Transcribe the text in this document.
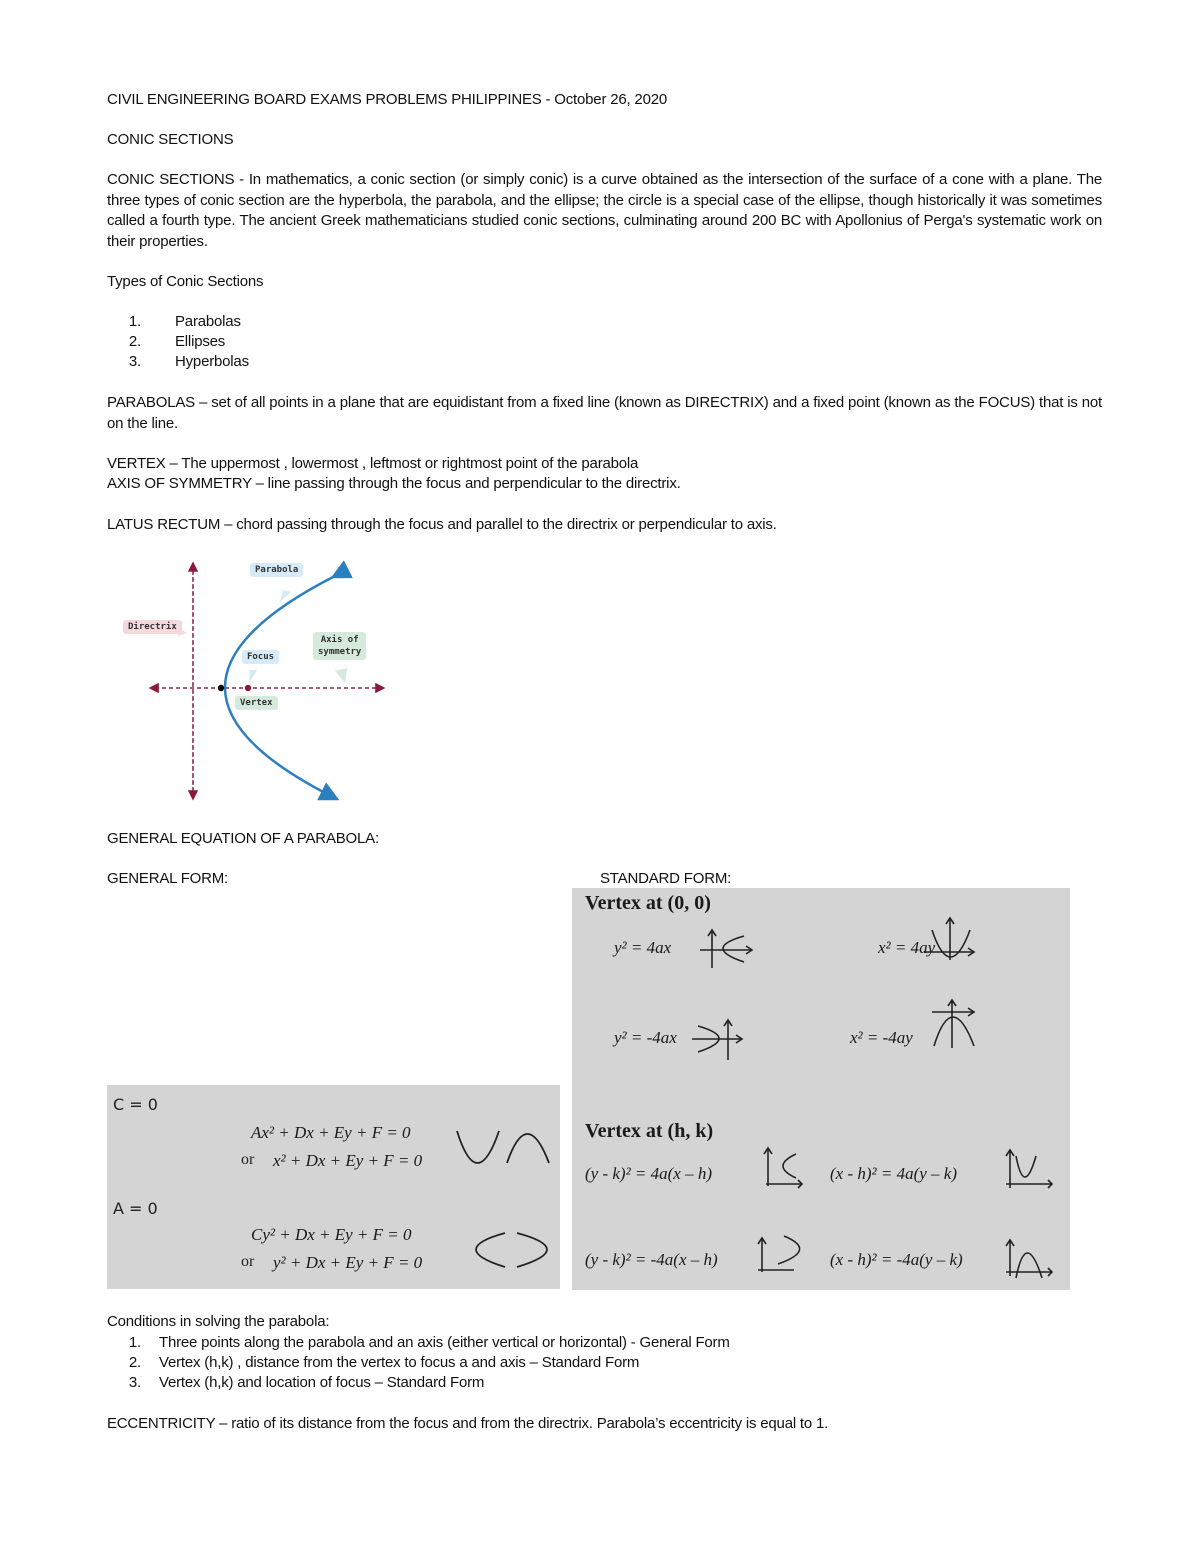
CIVIL ENGINEERING BOARD EXAMS PROBLEMS PHILIPPINES - October 26, 2020
CONIC SECTIONS
CONIC SECTIONS - In mathematics, a conic section (or simply conic) is a curve obtained as the intersection of the surface of a cone with a plane. The three types of conic section are the hyperbola, the parabola, and the ellipse; the circle is a special case of the ellipse, though historically it was sometimes called a fourth type. The ancient Greek mathematicians studied conic sections, culminating around 200 BC with Apollonius of Perga's systematic work on their properties.
Types of Conic Sections
1. Parabolas
2. Ellipses
3. Hyperbolas
PARABOLAS – set of all points in a plane that are equidistant from a fixed line (known as DIRECTRIX) and a fixed point (known as the FOCUS) that is not on the line.
VERTEX – The uppermost , lowermost , leftmost or rightmost point of the parabola
AXIS OF SYMMETRY – line passing through the focus and perpendicular to the directrix.
LATUS RECTUM – chord passing through the focus and parallel to the directrix or perpendicular to axis.
Parabola
Directrix
Focus
Axis of
symmetry
Vertex
GENERAL EQUATION OF A PARABOLA:
GENERAL FORM:	STANDARD FORM:
Vertex at (0, 0)
y² = 4ax	x² = 4ay
y² = -4ax	x² = -4ay
Vertex at (h, k)
(y - k)² = 4a(x – h)	(x - h)² = 4a(y – k)
(y - k)² = -4a(x – h)	(x - h)² = -4a(y – k)
C = 0
Ax² + Dx + Ey + F = 0
or x² + Dx + Ey + F = 0
A = 0
Cy² + Dx + Ey + F = 0
or y² + Dx + Ey + F = 0
Conditions in solving the parabola:
1. Three points along the parabola and an axis (either vertical or horizontal) - General Form
2. Vertex (h,k) , distance from the vertex to focus a and axis – Standard Form
3. Vertex (h,k) and location of focus – Standard Form
ECCENTRICITY – ratio of its distance from the focus and from the directrix. Parabola’s eccentricity is equal to 1.
